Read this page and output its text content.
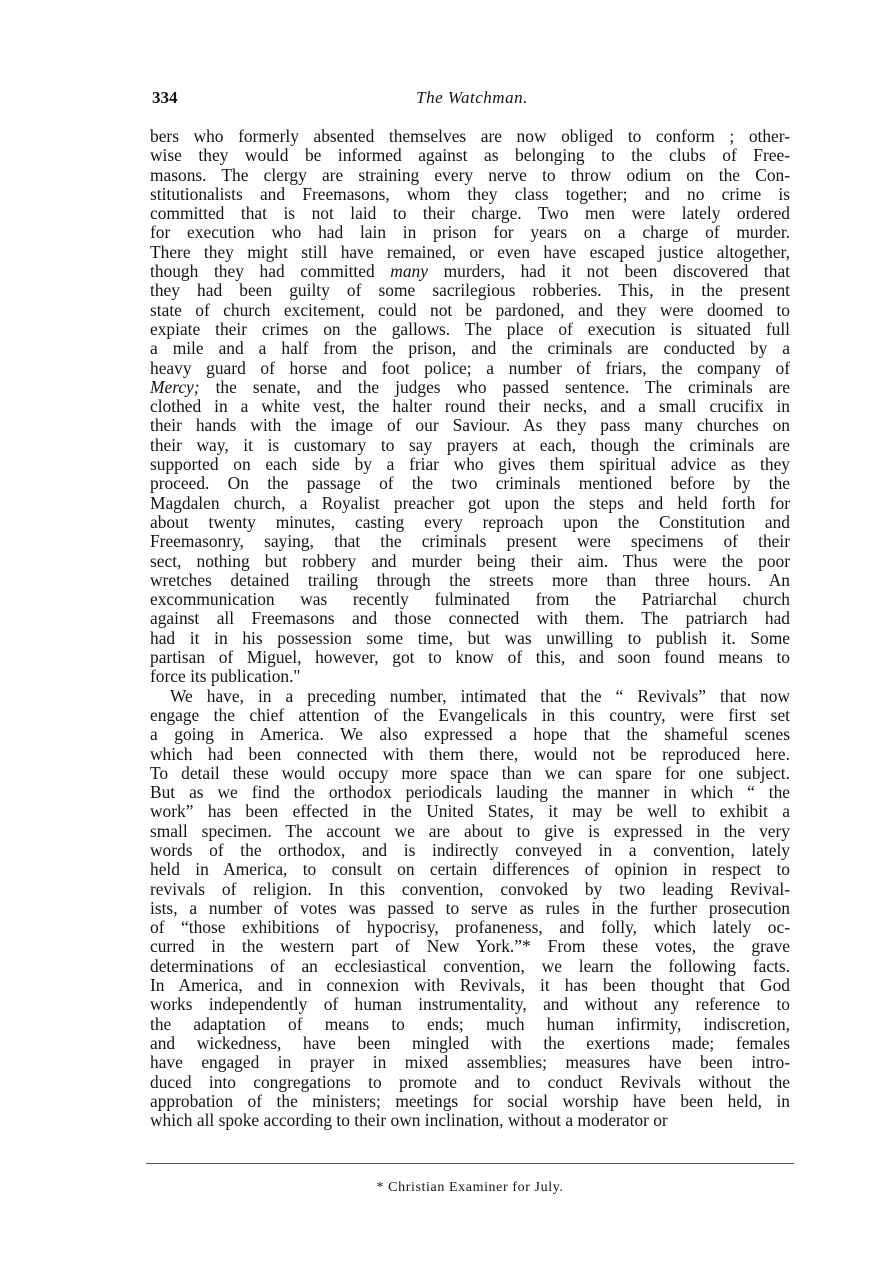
334	The Watchman.
bers who formerly absented themselves are now obliged to conform ; other-
wise they would be informed against as belonging to the clubs of Free-
masons. The clergy are straining every nerve to throw odium on the Con-
stitutionalists and Freemasons, whom they class together; and no crime is
committed that is not laid to their charge. Two men were lately ordered
for execution who had lain in prison for years on a charge of murder.
There they might still have remained, or even have escaped justice altogether,
though they had committed many murders, had it not been discovered that
they had been guilty of some sacrilegious robberies. This, in the present
state of church excitement, could not be pardoned, and they were doomed to
expiate their crimes on the gallows. The place of execution is situated full
a mile and a half from the prison, and the criminals are conducted by a
heavy guard of horse and foot police; a number of friars, the company of
Mercy; the senate, and the judges who passed sentence. The criminals are
clothed in a white vest, the halter round their necks, and a small crucifix in
their hands with the image of our Saviour. As they pass many churches on
their way, it is customary to say prayers at each, though the criminals are
supported on each side by a friar who gives them spiritual advice as they
proceed. On the passage of the two criminals mentioned before by the
Magdalen church, a Royalist preacher got upon the steps and held forth for
about twenty minutes, casting every reproach upon the Constitution and
Freemasonry, saying, that the criminals present were specimens of their
sect, nothing but robbery and murder being their aim. Thus were the poor
wretches detained trailing through the streets more than three hours. An
excommunication was recently fulminated from the Patriarchal church
against all Freemasons and those connected with them. The patriarch had
had it in his possession some time, but was unwilling to publish it. Some
partisan of Miguel, however, got to know of this, and soon found means to
force its publication."
We have, in a preceding number, intimated that the “ Revivals” that now
engage the chief attention of the Evangelicals in this country, were first set
a going in America. We also expressed a hope that the shameful scenes
which had been connected with them there, would not be reproduced here.
To detail these would occupy more space than we can spare for one subject.
But as we find the orthodox periodicals lauding the manner in which “ the
work” has been effected in the United States, it may be well to exhibit a
small specimen. The account we are about to give is expressed in the very
words of the orthodox, and is indirectly conveyed in a convention, lately
held in America, to consult on certain differences of opinion in respect to
revivals of religion. In this convention, convoked by two leading Revival-
ists, a number of votes was passed to serve as rules in the further prosecution
of “those exhibitions of hypocrisy, profaneness, and folly, which lately oc-
curred in the western part of New York.”* From these votes, the grave
determinations of an ecclesiastical convention, we learn the following facts.
In America, and in connexion with Revivals, it has been thought that God
works independently of human instrumentality, and without any reference to
the adaptation of means to ends; much human infirmity, indiscretion,
and wickedness, have been mingled with the exertions made; females
have engaged in prayer in mixed assemblies; measures have been intro-
duced into congregations to promote and to conduct Revivals without the
approbation of the ministers; meetings for social worship have been held, in
which all spoke according to their own inclination, without a moderator or
* Christian Examiner for July.
